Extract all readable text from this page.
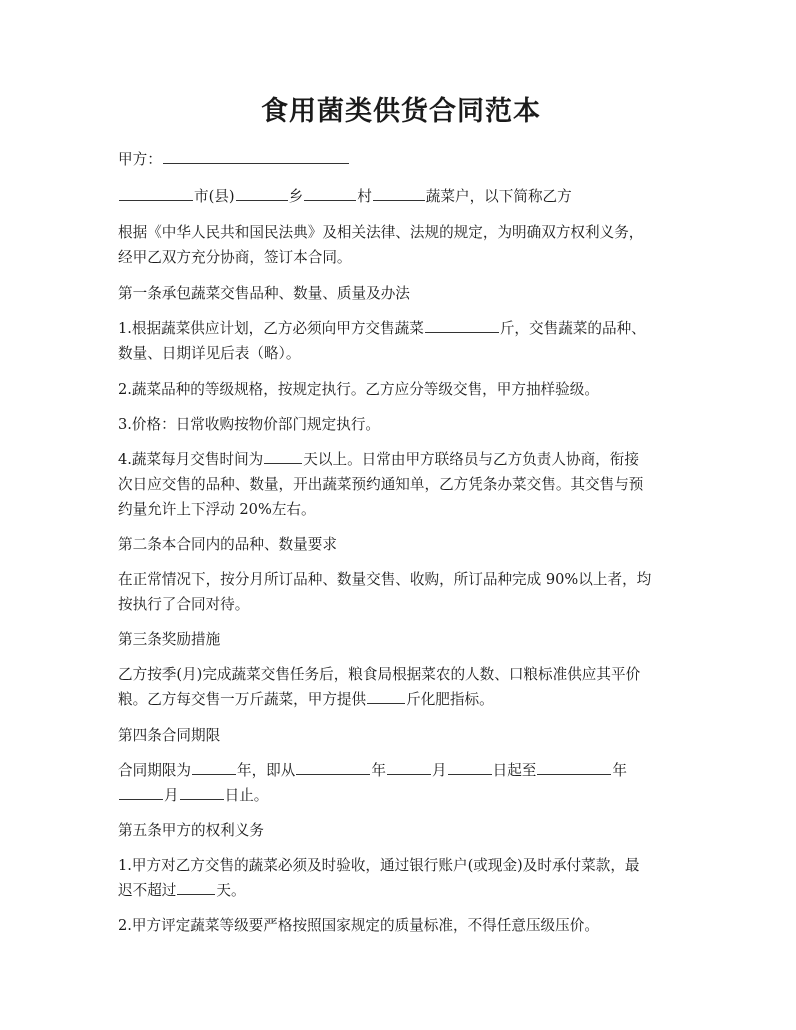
食用菌类供货合同范本
甲方：
市(县)	乡	村	蔬菜户，以下简称乙方
根据《中华人民共和国民法典》及相关法律、法规的规定，为明确双方权利义务，
经甲乙双方充分协商，签订本合同。
第一条承包蔬菜交售品种、数量、质量及办法
1.根据蔬菜供应计划，乙方必须向甲方交售蔬菜	斤，交售蔬菜的品种、
数量、日期详见后表（略）。
2.蔬菜品种的等级规格，按规定执行。乙方应分等级交售，甲方抽样验级。
3.价格：日常收购按物价部门规定执行。
4.蔬菜每月交售时间为	天以上。日常由甲方联络员与乙方负责人协商，衔接
次日应交售的品种、数量，开出蔬菜预约通知单，乙方凭条办菜交售。其交售与预
约量允许上下浮动 20%左右。
第二条本合同内的品种、数量要求
在正常情况下，按分月所订品种、数量交售、收购，所订品种完成 90%以上者，均
按执行了合同对待。
第三条奖励措施
乙方按季(月)完成蔬菜交售任务后，粮食局根据菜农的人数、口粮标准供应其平价
粮。乙方每交售一万斤蔬菜，甲方提供	斤化肥指标。
第四条合同期限
合同期限为	年，即从	年	月	日起至	年
月	日止。
第五条甲方的权利义务
1.甲方对乙方交售的蔬菜必须及时验收，通过银行账户(或现金)及时承付菜款，最
迟不超过	天。
2.甲方评定蔬菜等级要严格按照国家规定的质量标准，不得任意压级压价。
